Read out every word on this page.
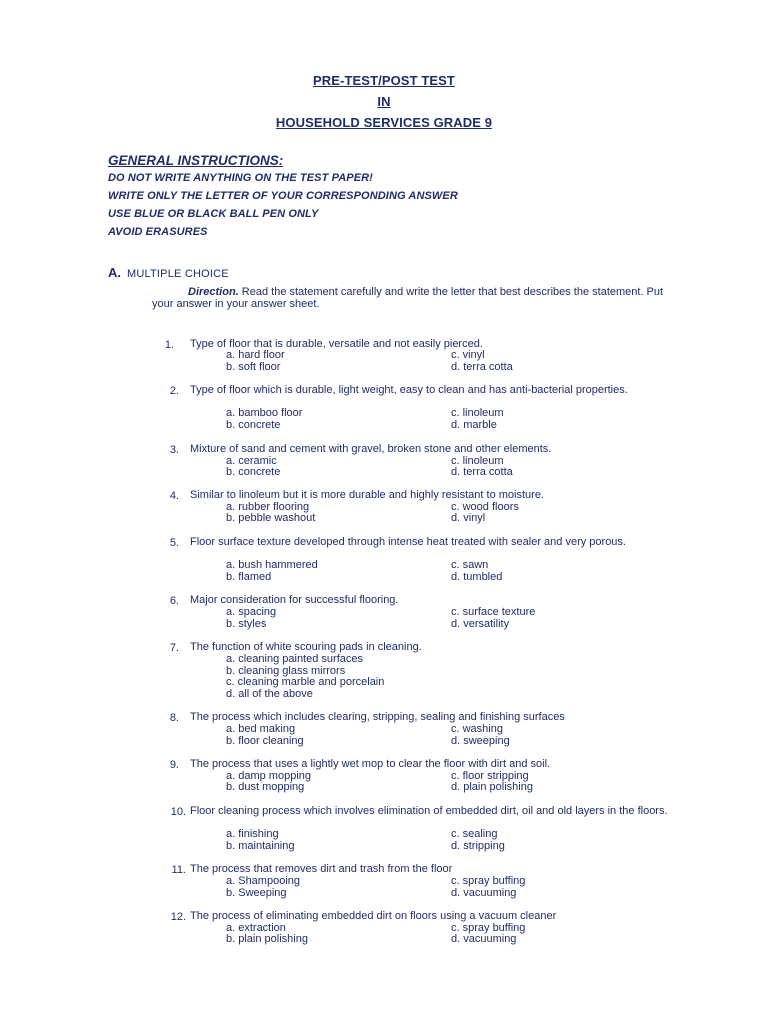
PRE-TEST/POST TEST
IN
HOUSEHOLD SERVICES GRADE 9
GENERAL INSTRUCTIONS:
DO NOT WRITE ANYTHING ON THE TEST PAPER!
WRITE ONLY THE LETTER OF YOUR CORRESPONDING ANSWER
USE BLUE OR BLACK BALL PEN ONLY
AVOID ERASURES
A. MULTIPLE CHOICE
Direction. Read the statement carefully and write the letter that best describes the statement. Put your answer in your answer sheet.
1. Type of floor that is durable, versatile and not easily pierced.
a. hard floor	c. vinyl
b. soft floor	d. terra cotta
2. Type of floor which is durable, light weight, easy to clean and has anti-bacterial properties.
a. bamboo floor	c. linoleum
b. concrete	d. marble
3. Mixture of sand and cement with gravel, broken stone and other elements.
a. ceramic	c. linoleum
b. concrete	d. terra cotta
4. Similar to linoleum but it is more durable and highly resistant to moisture.
a. rubber flooring	c. wood floors
b. pebble washout	d. vinyl
5. Floor surface texture developed through intense heat treated with sealer and very porous.
a. bush hammered	c. sawn
b. flamed	d. tumbled
6. Major consideration for successful flooring.
a. spacing	c. surface texture
b. styles	d. versatility
7. The function of white scouring pads in cleaning.
a. cleaning painted surfaces
b. cleaning glass mirrors
c. cleaning marble and porcelain
d. all of the above
8. The process which includes clearing, stripping, sealing and finishing surfaces
a. bed making	c. washing
b. floor cleaning	d. sweeping
9. The process that uses a lightly wet mop to clear the floor with dirt and soil.
a. damp mopping	c. floor stripping
b. dust mopping	d. plain polishing
10. Floor cleaning process which involves elimination of embedded dirt, oil and old layers in the floors.
a. finishing	c. sealing
b. maintaining	d. stripping
11. The process that removes dirt and trash from the floor
a. Shampooing	c. spray buffing
b. Sweeping	d. vacuuming
12. The process of eliminating embedded dirt on floors using a vacuum cleaner
a. extraction	c. spray buffing
b. plain polishing	d. vacuuming
